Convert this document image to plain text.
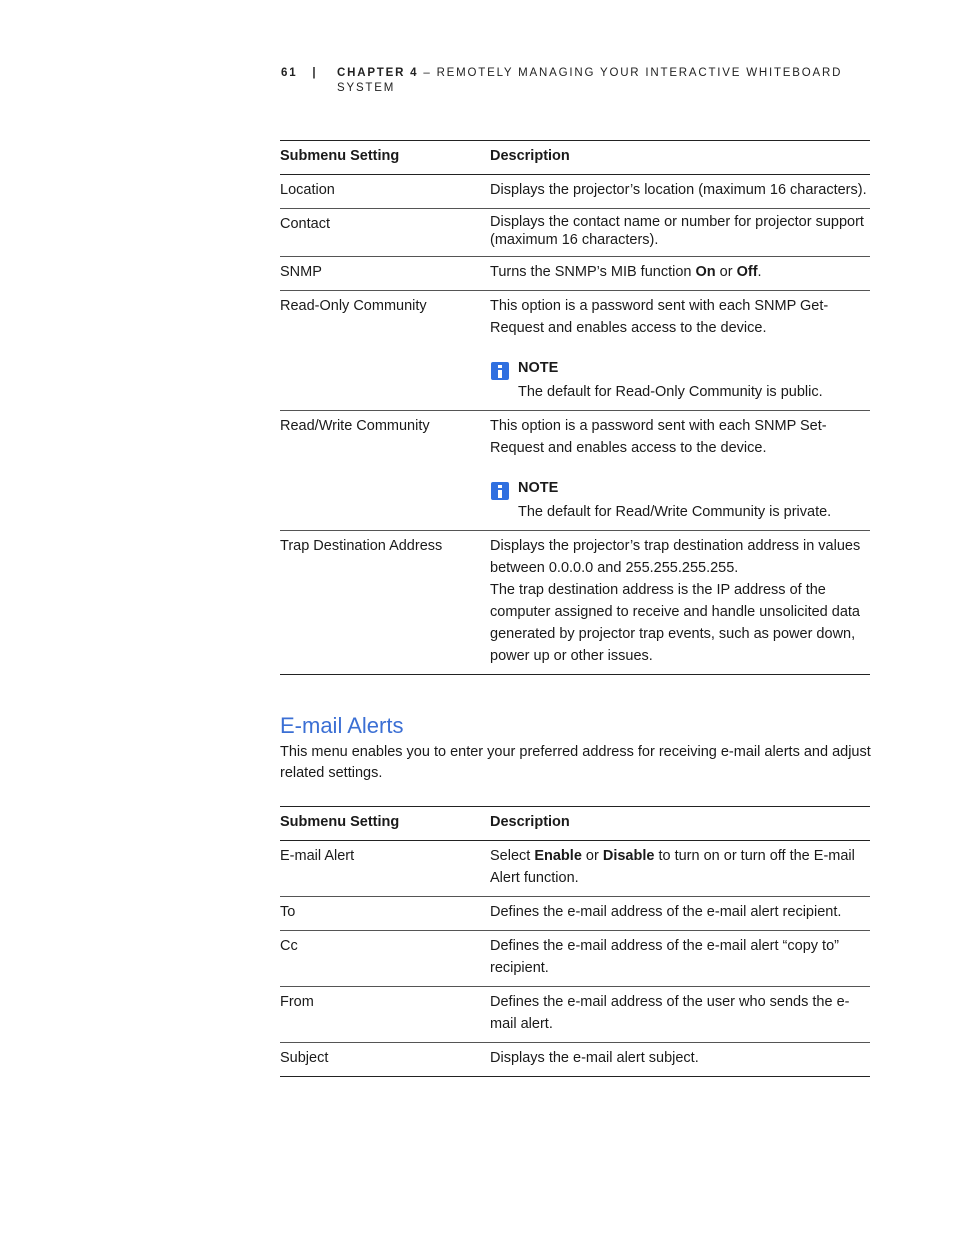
61 | CHAPTER 4 – REMOTELY MANAGING YOUR INTERACTIVE WHITEBOARD
SYSTEM
Submenu Setting	Description
Location	Displays the projector’s location (maximum 16 characters).
Contact	Displays the contact name or number for projector support (maximum 16 characters).
SNMP	Turns the SNMP’s MIB function On or Off.
Read-Only Community	This option is a password sent with each SNMP Get-Request and enables access to the device.

NOTE
The default for Read-Only Community is public.

Read/Write Community	This option is a password sent with each SNMP Set-Request and enables access to the device.

NOTE
The default for Read/Write Community is private.

Trap Destination Address	Displays the projector’s trap destination address in values between 0.0.0.0 and 255.255.255.255.

The trap destination address is the IP address of the computer assigned to receive and handle unsolicited data generated by projector trap events, such as power down, power up or other issues.

E-mail Alerts

This menu enables you to enter your preferred address for receiving e-mail alerts and adjust related settings.

Submenu Setting	Description
E-mail Alert	Select Enable or Disable to turn on or turn off the E-mail Alert function.
To	Defines the e-mail address of the e-mail alert recipient.
Cc	Defines the e-mail address of the e-mail alert “copy to” recipient.
From	Defines the e-mail address of the user who sends the e-mail alert.
Subject	Displays the e-mail alert subject.
